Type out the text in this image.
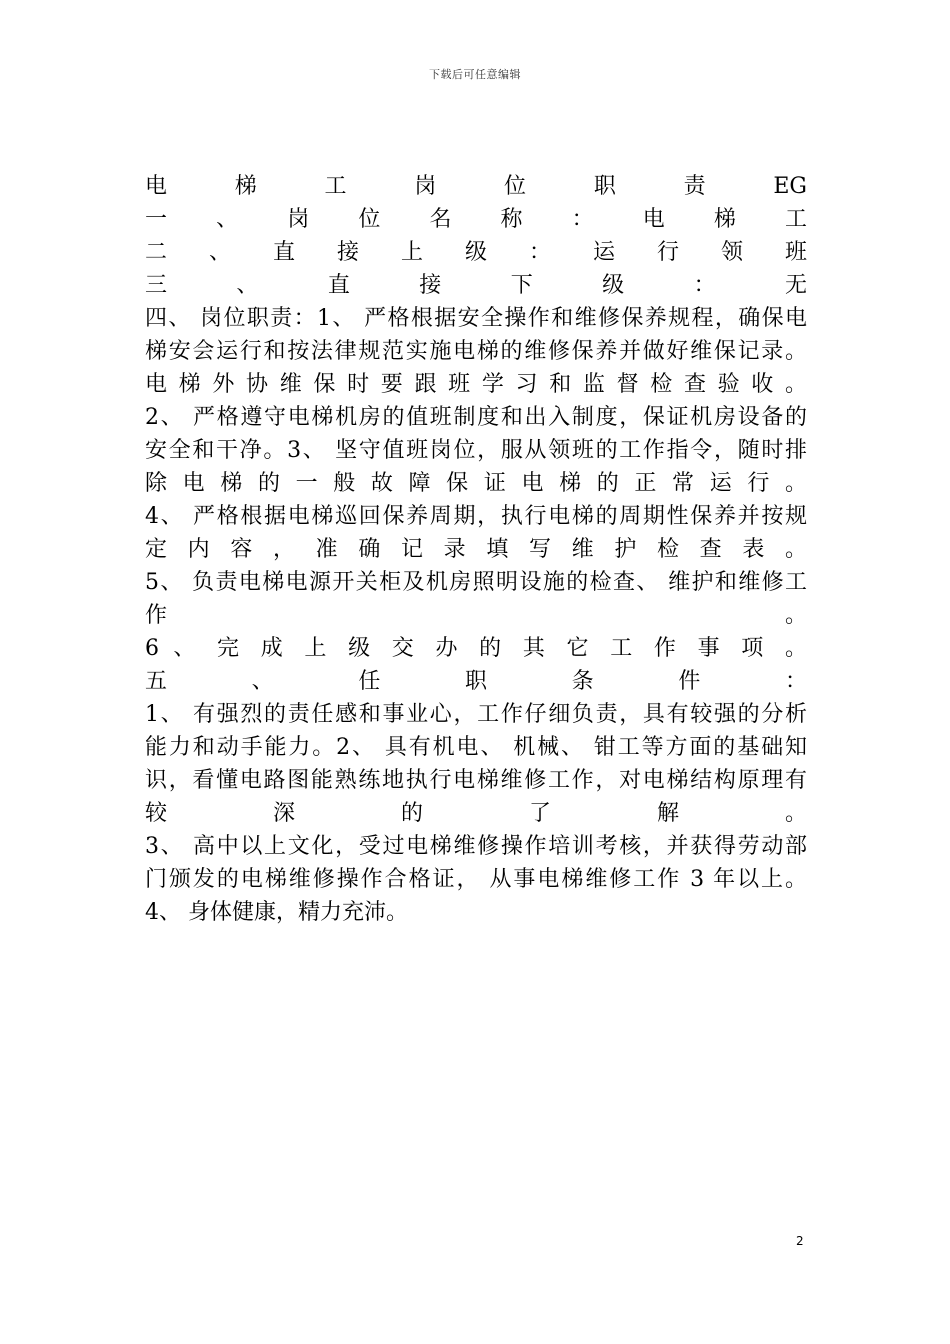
下载后可任意编辑
电 梯 工 岗 位 职 责 EG
一 、 岗 位 名 称 ： 电 梯 工
二 、 直 接 上 级 ： 运 行 领 班
三 、 直 接 下 级 ： 无
四、 岗位职责：1、 严格根据安全操作和维修保养规程，确保电
梯安会运行和按法律规范实施电梯的维修保养并做好维保记录。
电 梯 外 协 维 保 时 要 跟 班 学 习 和 监 督 检 查 验 收 。
2、 严格遵守电梯机房的值班制度和出入制度，保证机房设备的
安全和干净。3、 坚守值班岗位，服从领班的工作指令，随时排
除 电 梯 的 一 般 故 障 保 证 电 梯 的 正 常 运 行 。
4、 严格根据电梯巡回保养周期，执行电梯的周期性保养并按规
定 内 容 ， 准 确 记 录 填 写 维 护 检 查 表 。
5、 负责电梯电源开关柜及机房照明设施的检查、 维护和维修工
作 。
6 、 完 成 上 级 交 办 的 其 它 工 作 事 项 。
五 、 任 职 条 件 ：
1、 有强烈的责任感和事业心，工作仔细负责，具有较强的分析
能力和动手能力。2、 具有机电、 机械、 钳工等方面的基础知
识，看懂电路图能熟练地执行电梯维修工作，对电梯结构原理有
较 深 的 了 解 。
3、 高中以上文化，受过电梯维修操作培训考核，并获得劳动部
门颁发的电梯维修操作合格证， 从事电梯维修工作 3 年以上。
4、 身体健康，精力充沛。
2
